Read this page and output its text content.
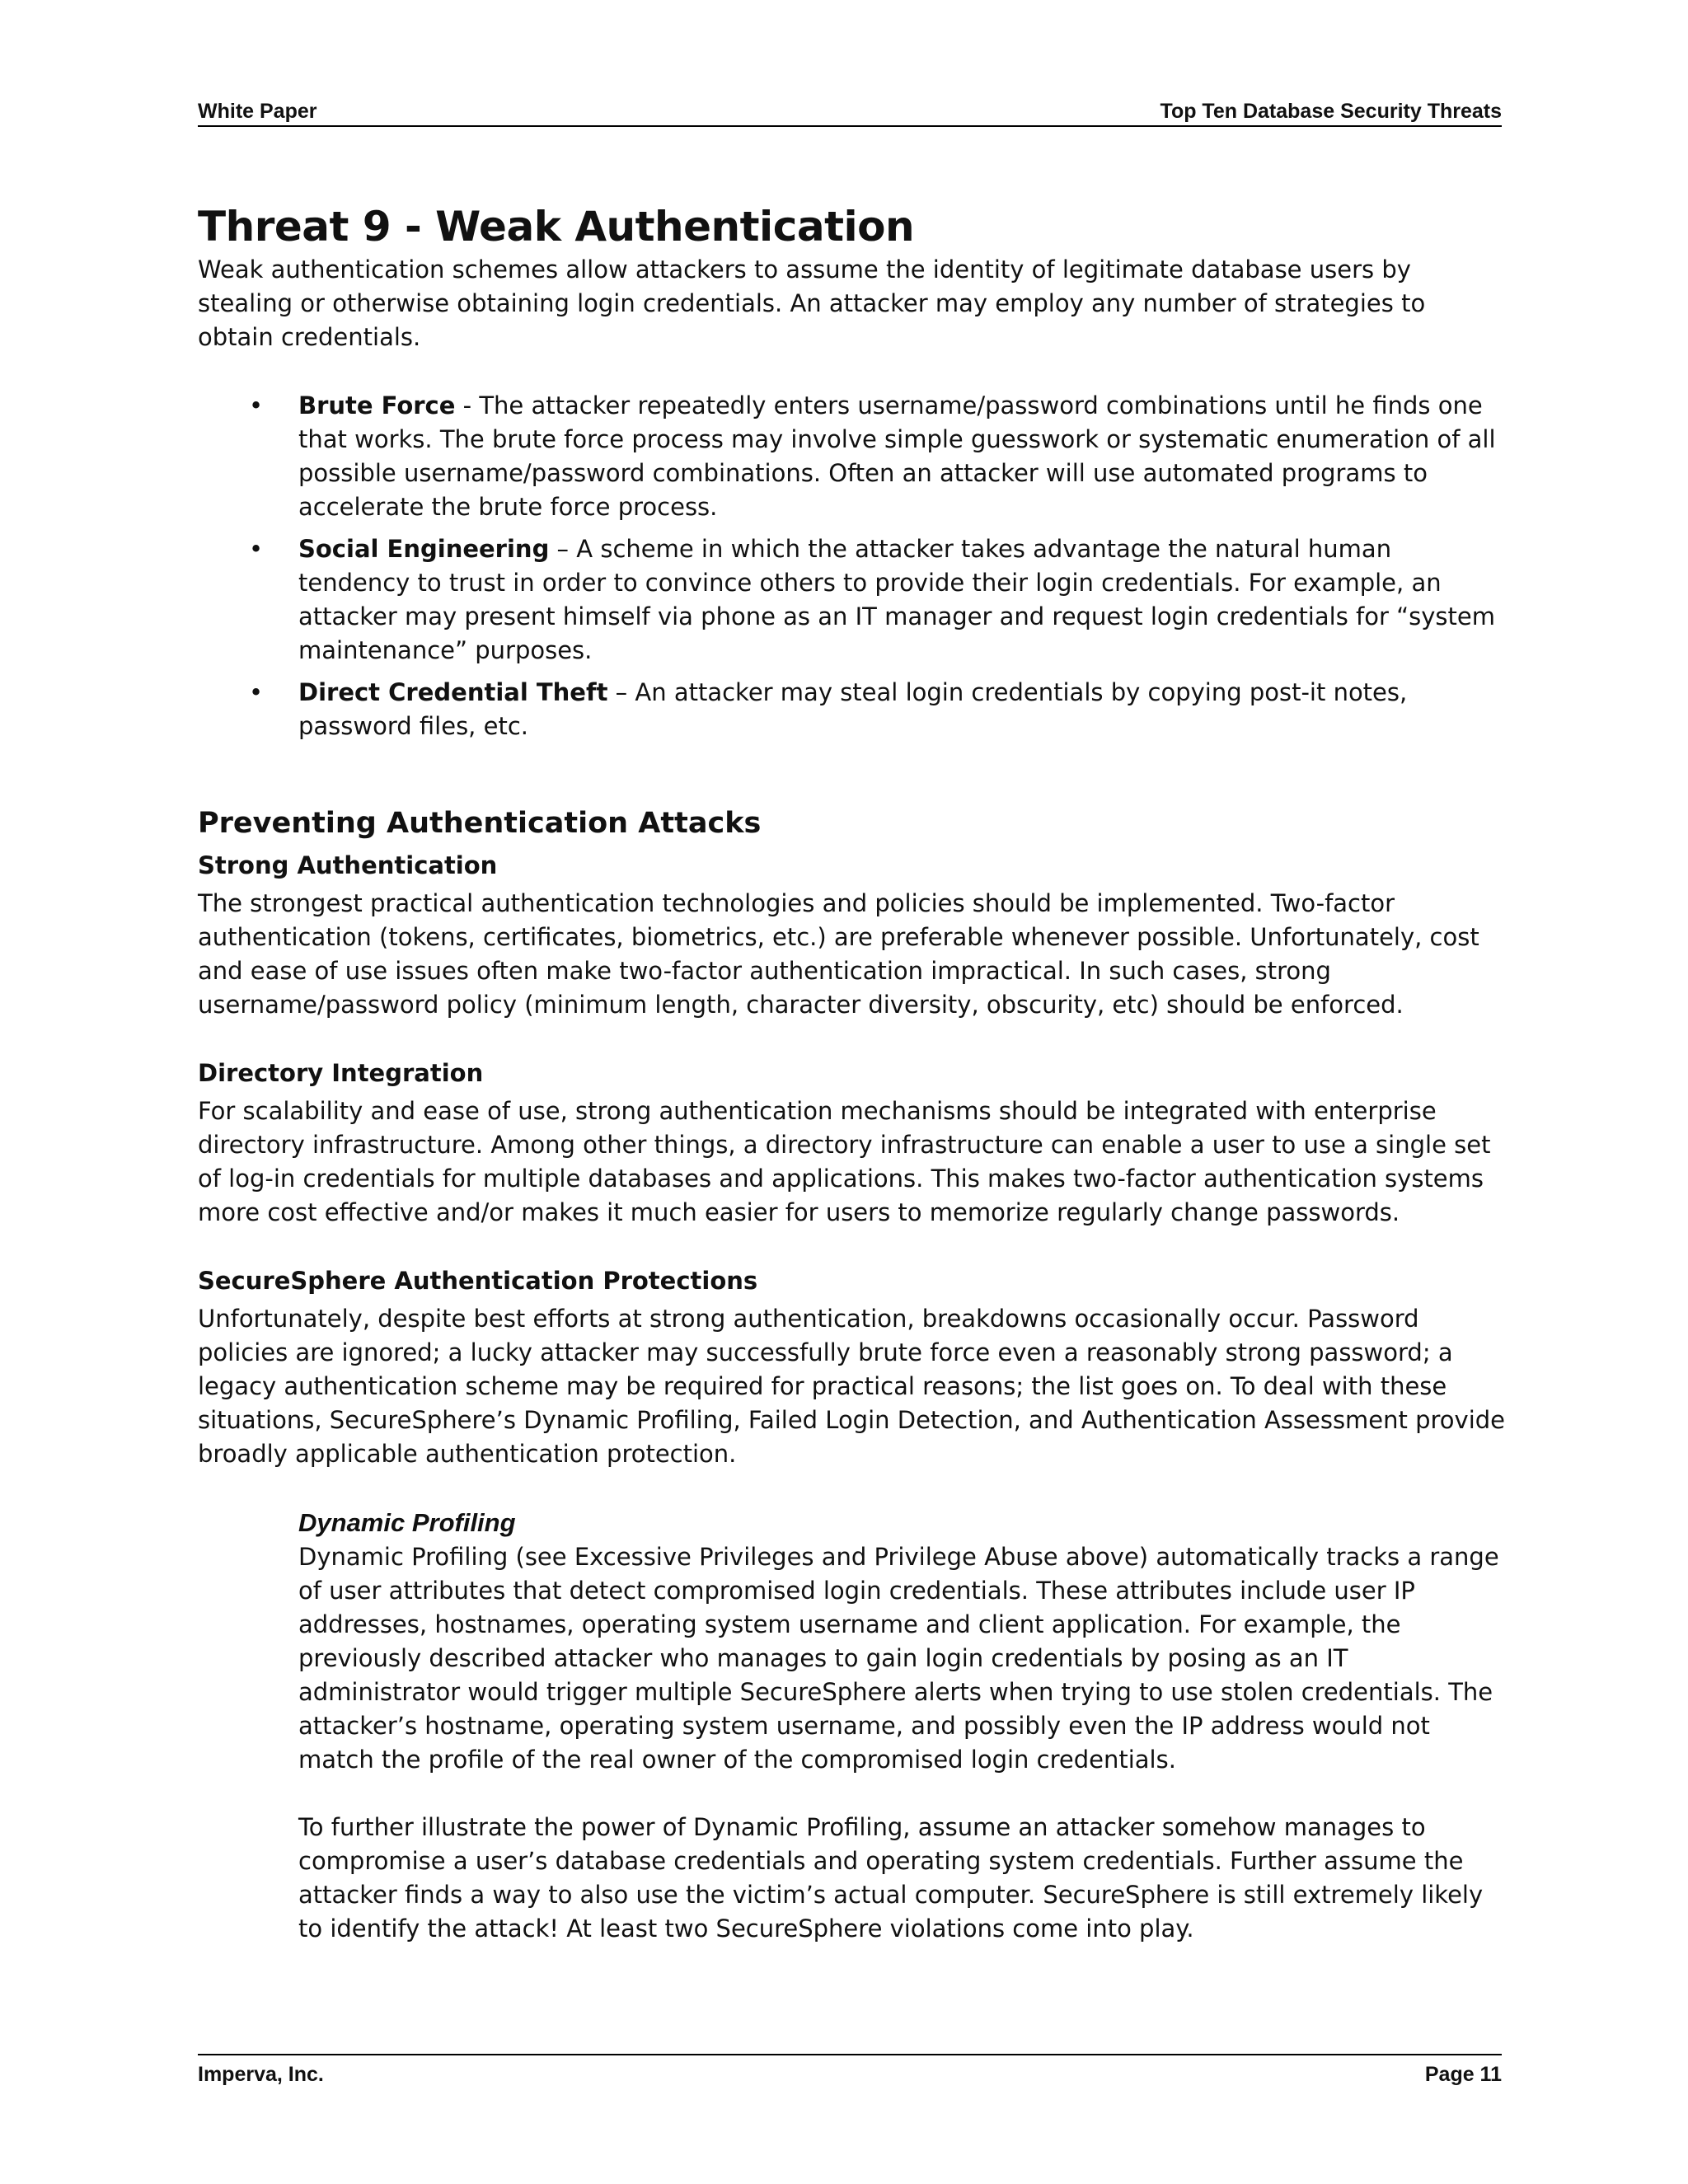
White Paper	Top Ten Database Security Threats
Threat 9 - Weak Authentication

Weak authentication schemes allow attackers to assume the identity of legitimate database users by stealing or otherwise obtaining login credentials. An attacker may employ any number of strategies to obtain credentials.

• Brute Force - The attacker repeatedly enters username/password combinations until he finds one that works. The brute force process may involve simple guesswork or systematic enumeration of all possible username/password combinations. Often an attacker will use automated programs to accelerate the brute force process.
• Social Engineering – A scheme in which the attacker takes advantage the natural human tendency to trust in order to convince others to provide their login credentials. For example, an attacker may present himself via phone as an IT manager and request login credentials for “system maintenance” purposes.
• Direct Credential Theft – An attacker may steal login credentials by copying post-it notes, password files, etc.
Preventing Authentication Attacks
Strong Authentication

The strongest practical authentication technologies and policies should be implemented. Two-factor authentication (tokens, certificates, biometrics, etc.) are preferable whenever possible. Unfortunately, cost and ease of use issues often make two-factor authentication impractical. In such cases, strong username/password policy (minimum length, character diversity, obscurity, etc) should be enforced.

Directory Integration

For scalability and ease of use, strong authentication mechanisms should be integrated with enterprise directory infrastructure. Among other things, a directory infrastructure can enable a user to use a single set of log-in credentials for multiple databases and applications. This makes two-factor authentication systems more cost effective and/or makes it much easier for users to memorize regularly change passwords.

SecureSphere Authentication Protections

Unfortunately, despite best efforts at strong authentication, breakdowns occasionally occur. Password policies are ignored; a lucky attacker may successfully brute force even a reasonably strong password; a legacy authentication scheme may be required for practical reasons; the list goes on. To deal with these situations, SecureSphere’s Dynamic Profiling, Failed Login Detection, and Authentication Assessment provide broadly applicable authentication protection.

Dynamic Profiling

Dynamic Profiling (see Excessive Privileges and Privilege Abuse above) automatically tracks a range of user attributes that detect compromised login credentials. These attributes include user IP addresses, hostnames, operating system username and client application. For example, the previously described attacker who manages to gain login credentials by posing as an IT administrator would trigger multiple SecureSphere alerts when trying to use stolen credentials. The attacker’s hostname, operating system username, and possibly even the IP address would not match the profile of the real owner of the compromised login credentials.

To further illustrate the power of Dynamic Profiling, assume an attacker somehow manages to compromise a user’s database credentials and operating system credentials. Further assume the attacker finds a way to also use the victim’s actual computer. SecureSphere is still extremely likely to identify the attack! At least two SecureSphere violations come into play.

Imperva, Inc.	Page 11
